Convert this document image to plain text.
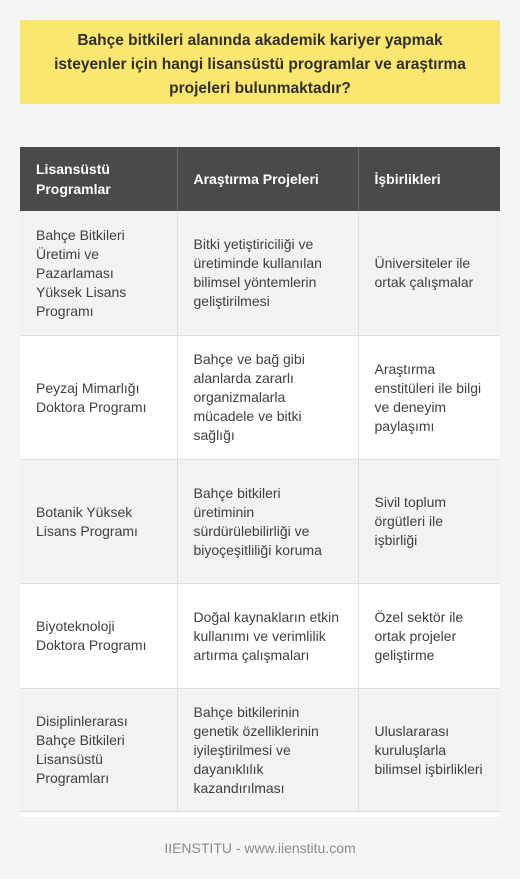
Bahçe bitkileri alanında akademik kariyer yapmak
isteyenler için hangi lisansüstü programlar ve araştırma
projeleri bulunmaktadır?
Lisansüstü Programlar	Araştırma Projeleri	İşbirlikleri
Bahçe Bitkileri Üretimi ve Pazarlaması Yüksek Lisans Programı	Bitki yetiştiriciliği ve üretiminde kullanılan bilimsel yöntemlerin geliştirilmesi	Üniversiteler ile ortak çalışmalar
Peyzaj Mimarlığı Doktora Programı	Bahçe ve bağ gibi alanlarda zararlı organizmalarla mücadele ve bitki sağlığı	Araştırma enstitüleri ile bilgi ve deneyim paylaşımı
Botanik Yüksek Lisans Programı	Bahçe bitkileri üretiminin sürdürülebilirliği ve biyoçeşitliliği koruma	Sivil toplum örgütleri ile işbirliği
Biyoteknoloji Doktora Programı	Doğal kaynakların etkin kullanımı ve verimlilik artırma çalışmaları	Özel sektör ile ortak projeler geliştirme
Disiplinlerarası Bahçe Bitkileri Lisansüstü Programları	Bahçe bitkilerinin genetik özelliklerinin iyileştirilmesi ve dayanıklılık kazandırılması	Uluslararası kuruluşlarla bilimsel işbirlikleri
IIENSTITU - www.iienstitu.com
